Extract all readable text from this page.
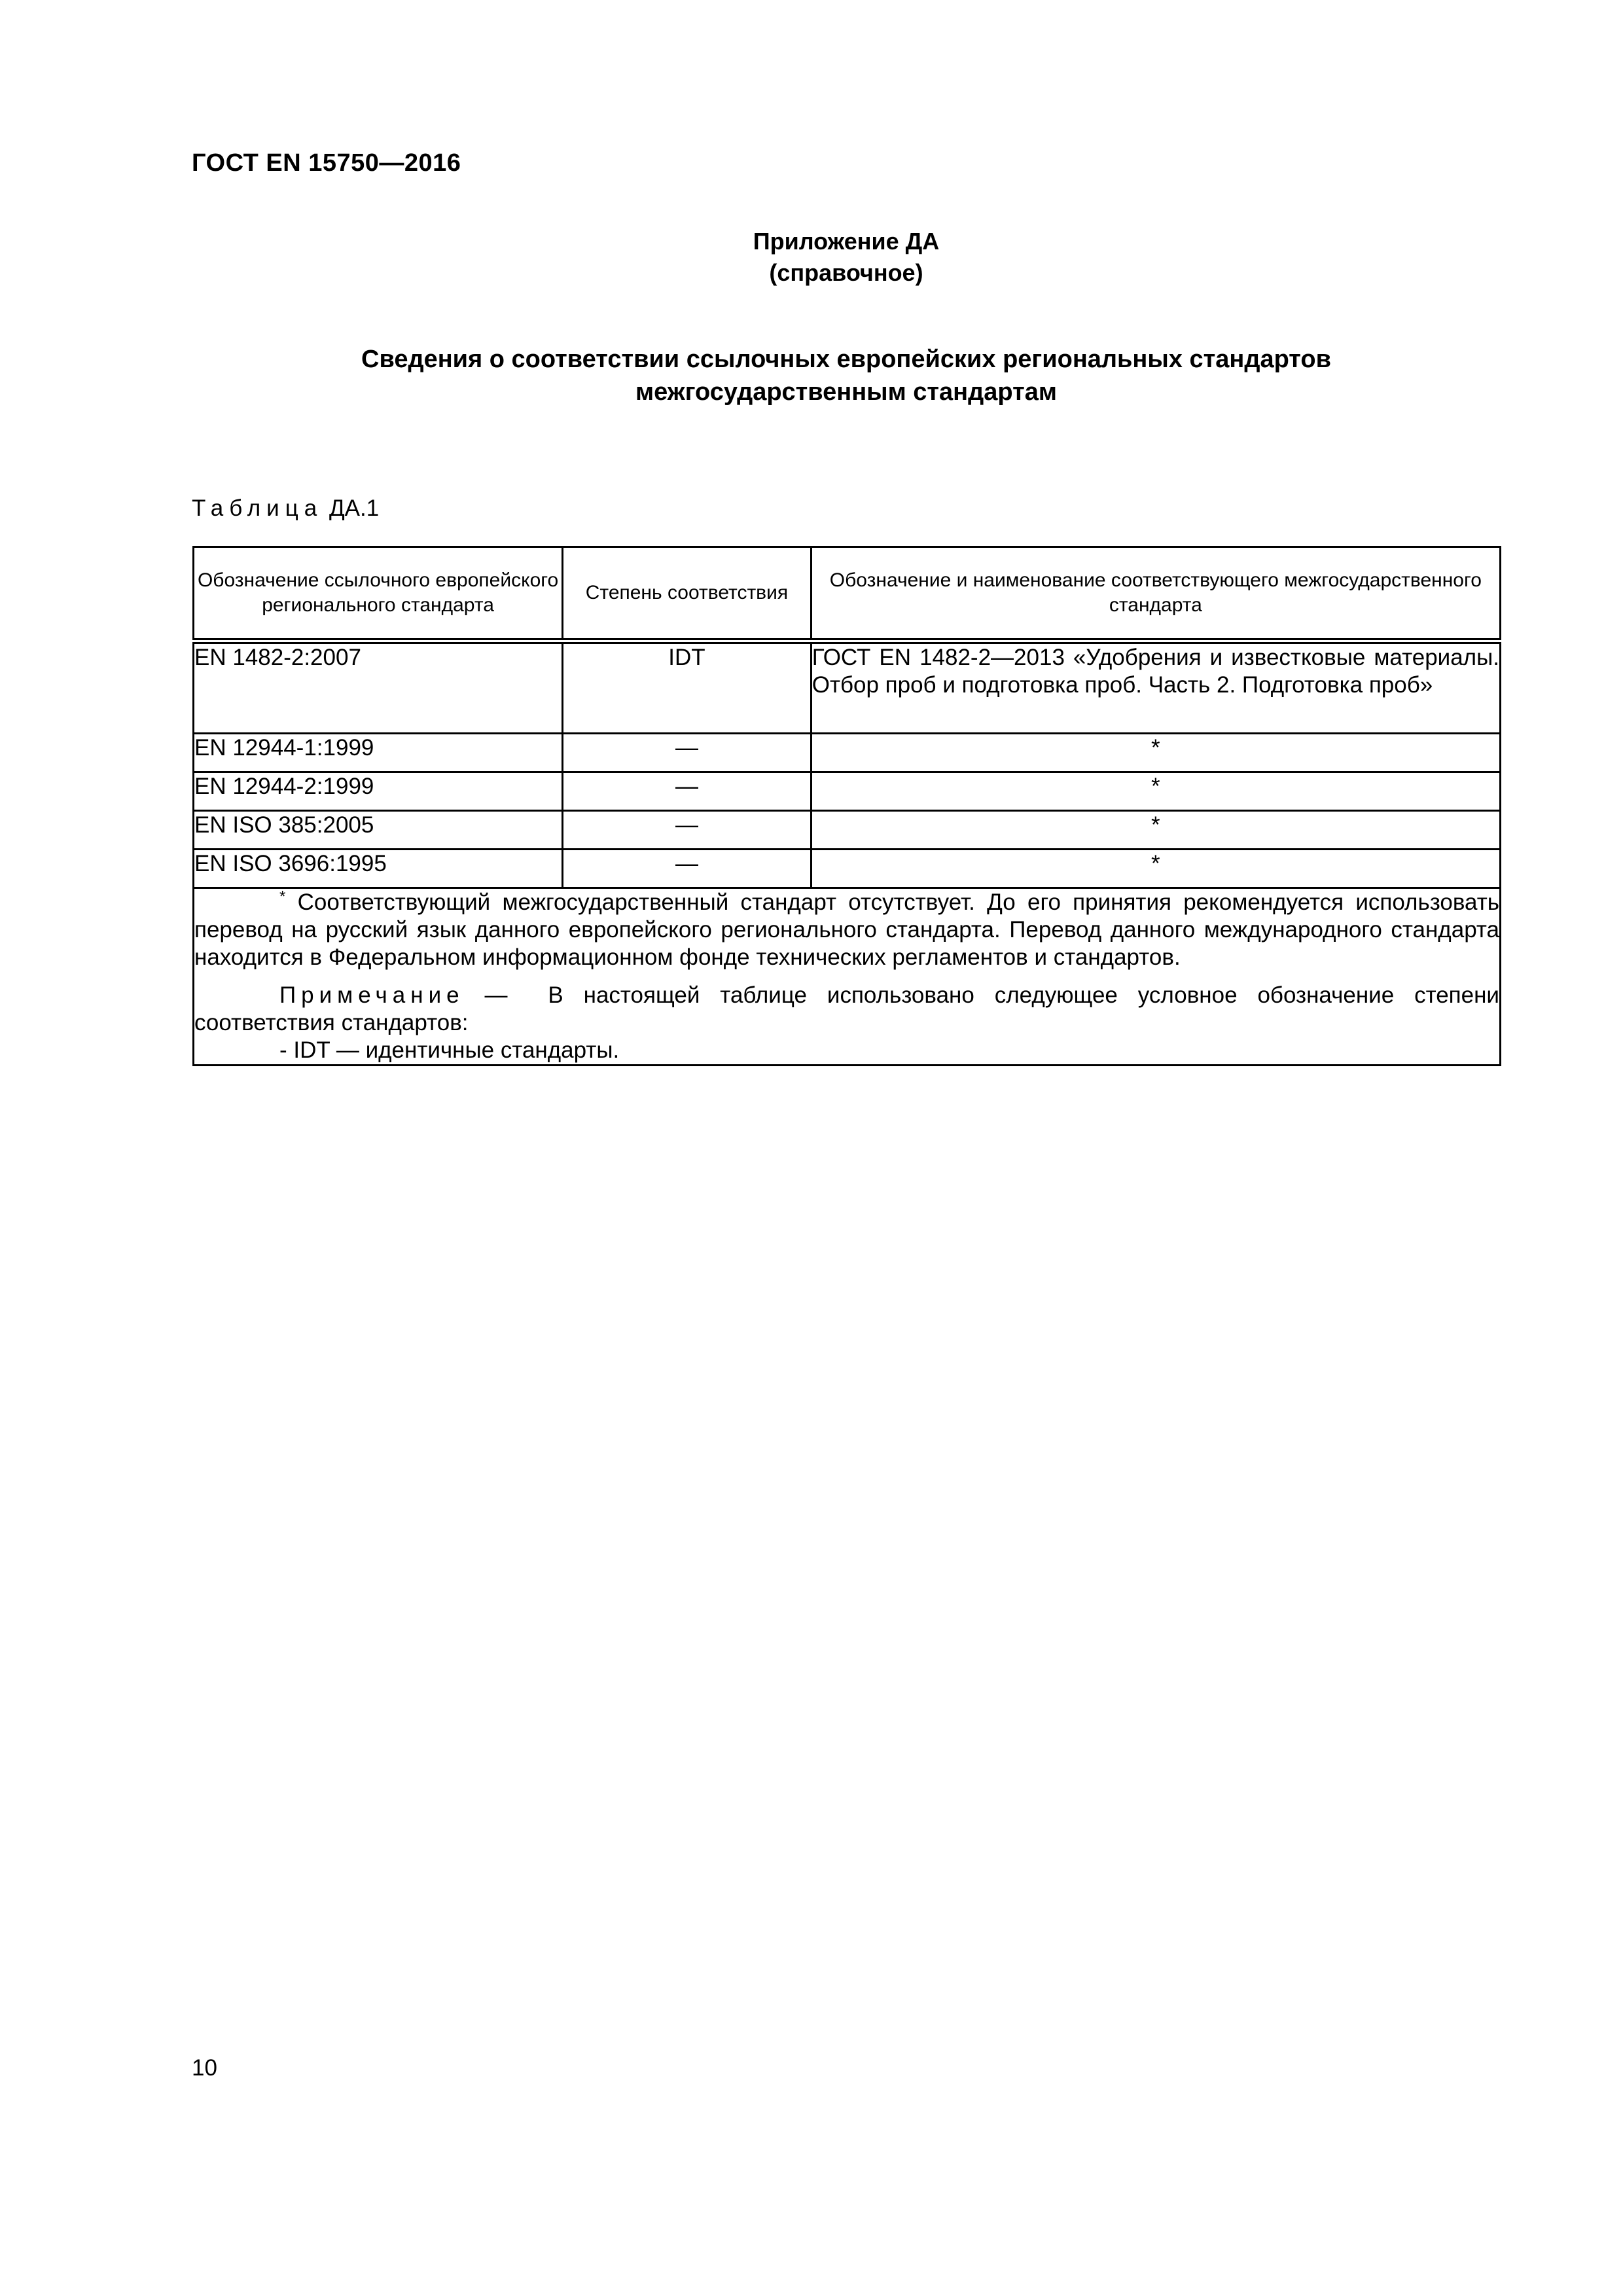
ГОСТ EN 15750—2016
Приложение ДА
(справочное)
Сведения о соответствии ссылочных европейских региональных стандартов
межгосударственным стандартам
Таблица ДА.1
Обозначение ссылочного европейского регионального стандарта	Степень соответствия	Обозначение и наименование соответствующего межгосударственного стандарта
EN 1482-2:2007	IDT	ГОСТ EN 1482-2—2013 «Удобрения и известковые материалы. Отбор проб и подготовка проб. Часть 2. Подготовка проб»
EN 12944-1:1999	—	*
EN 12944-2:1999	—	*
EN ISO 385:2005	—	*
EN ISO 3696:1995	—	*

* Соответствующий межгосударственный стандарт отсутствует. До его принятия рекомендуется использовать перевод на русский язык данного европейского регионального стандарта. Перевод данного международного стандарта находится в Федеральном информационном фонде технических регламентов и стандартов.

Примечание — В настоящей таблице использовано следующее условное обозначение степени соответствия стандартов:

- IDT — идентичные стандарты.		

10
